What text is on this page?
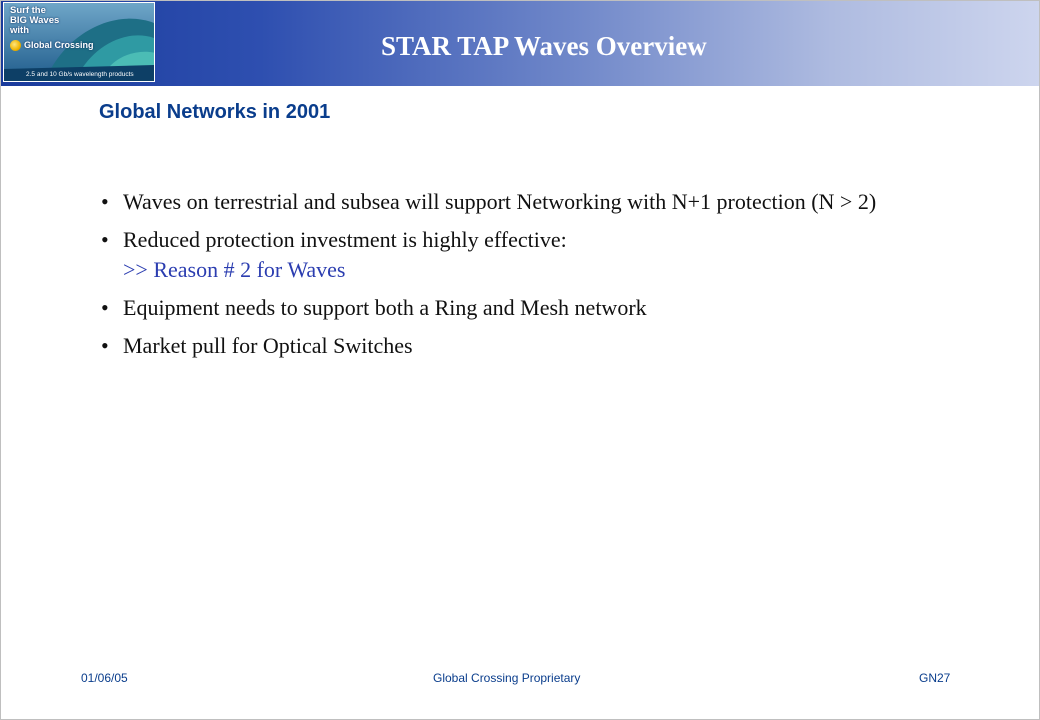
Surf the
BIG Waves
with
Global Crossing
2.5 and 10 Gb/s wavelength products
STAR TAP Waves Overview
Global Networks in 2001
• Waves on terrestrial and subsea will support Networking with N+1 protection (N > 2)
• Reduced protection investment is highly effective:
>> Reason # 2 for Waves
• Equipment needs to support both a Ring and Mesh network
• Market pull for Optical Switches
01/06/05	Global Crossing Proprietary	GN27
